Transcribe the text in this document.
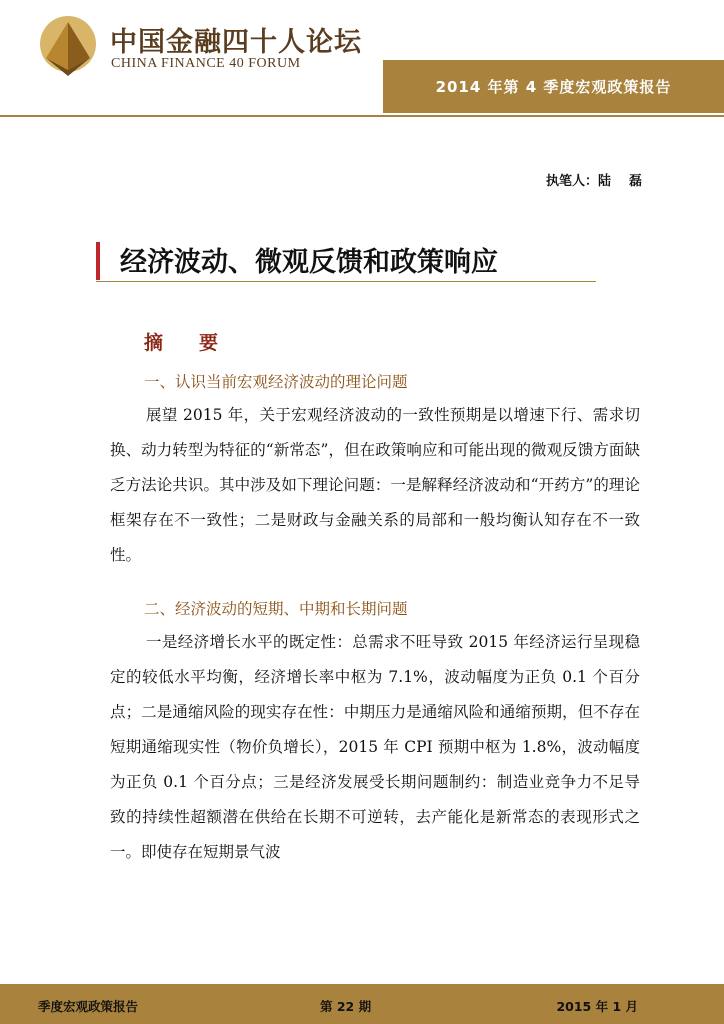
中国金融四十人论坛
CHINA FINANCE 40 FORUM
2014 年第 4 季度宏观政策报告
执笔人：陆 磊
经济波动、微观反馈和政策响应
摘要
一、认识当前宏观经济波动的理论问题
展望 2015 年，关于宏观经济波动的一致性预期是以增速下行、需求切换、动力转型为特征的“新常态”，但在政策响应和可能出现的微观反馈方面缺乏方法论共识。其中涉及如下理论问题：一是解释经济波动和“开药方”的理论框架存在不一致性；二是财政与金融关系的局部和一般均衡认知存在不一致性。
二、经济波动的短期、中期和长期问题
一是经济增长水平的既定性：总需求不旺导致 2015 年经济运行呈现稳定的较低水平均衡，经济增长率中枢为 7.1%，波动幅度为正负 0.1 个百分点；二是通缩风险的现实存在性：中期压力是通缩风险和通缩预期，但不存在短期通缩现实性（物价负增长），2015 年 CPI 预期中枢为 1.8%，波动幅度为正负 0.1 个百分点；三是经济发展受长期问题制约：制造业竞争力不足导致的持续性超额潜在供给在长期不可逆转，去产能化是新常态的表现形式之一。即使存在短期景气波
季度宏观政策报告	第 22 期	2015 年 1 月
